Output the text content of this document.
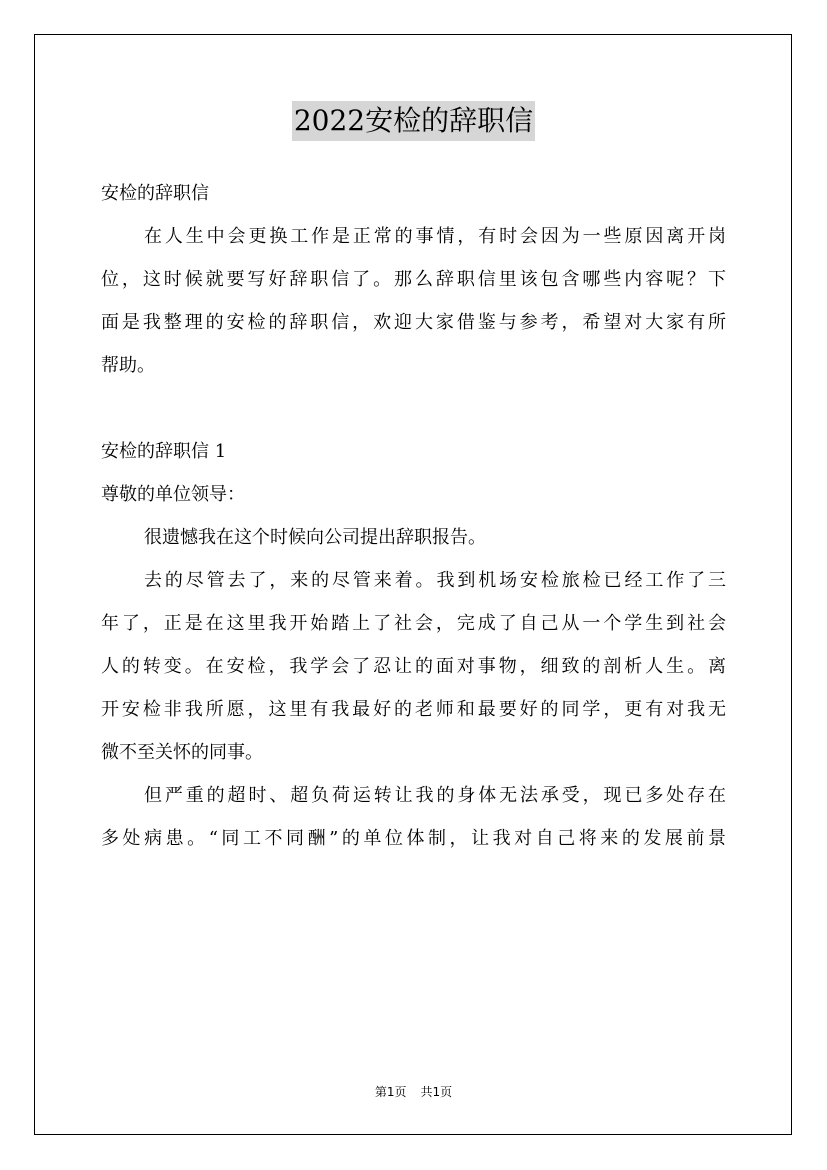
2022安检的辞职信
安检的辞职信
在人生中会更换工作是正常的事情，有时会因为一些原因离开岗
位，这时候就要写好辞职信了。那么辞职信里该包含哪些内容呢？下
面是我整理的安检的辞职信，欢迎大家借鉴与参考，希望对大家有所
帮助。
安检的辞职信 1
尊敬的单位领导：
很遗憾我在这个时候向公司提出辞职报告。
去的尽管去了，来的尽管来着。我到机场安检旅检已经工作了三
年了，正是在这里我开始踏上了社会，完成了自己从一个学生到社会
人的转变。在安检，我学会了忍让的面对事物，细致的剖析人生。离
开安检非我所愿，这里有我最好的老师和最要好的同学，更有对我无
微不至关怀的同事。
但严重的超时、超负荷运转让我的身体无法承受，现已多处存在
多处病患。“同工不同酬”的单位体制，让我对自己将来的发展前景
第1页 共1页
